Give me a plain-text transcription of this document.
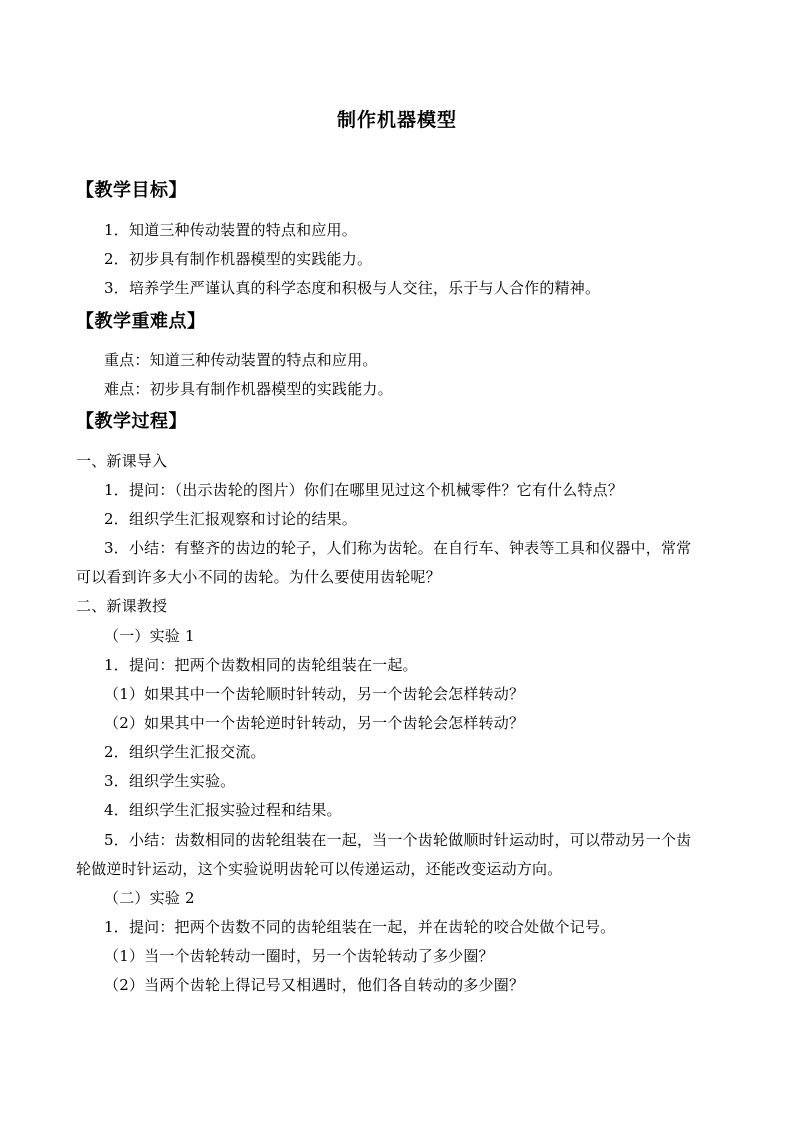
制作机器模型
【教学目标】
1．知道三种传动装置的特点和应用。
2．初步具有制作机器模型的实践能力。
3．培养学生严谨认真的科学态度和积极与人交往，乐于与人合作的精神。
【教学重难点】
重点：知道三种传动装置的特点和应用。
难点：初步具有制作机器模型的实践能力。
【教学过程】
一、新课导入
1．提问：（出示齿轮的图片）你们在哪里见过这个机械零件？它有什么特点？
2．组织学生汇报观察和讨论的结果。
3．小结：有整齐的齿边的轮子，人们称为齿轮。在自行车、钟表等工具和仪器中，常常
可以看到许多大小不同的齿轮。为什么要使用齿轮呢？
二、新课教授
（一）实验 1
1．提问：把两个齿数相同的齿轮组装在一起。
（1）如果其中一个齿轮顺时针转动，另一个齿轮会怎样转动？
（2）如果其中一个齿轮逆时针转动，另一个齿轮会怎样转动？
2．组织学生汇报交流。
3．组织学生实验。
4．组织学生汇报实验过程和结果。
5．小结：齿数相同的齿轮组装在一起，当一个齿轮做顺时针运动时，可以带动另一个齿
轮做逆时针运动，这个实验说明齿轮可以传递运动，还能改变运动方向。
（二）实验 2
1．提问：把两个齿数不同的齿轮组装在一起，并在齿轮的咬合处做个记号。
（1）当一个齿轮转动一圈时，另一个齿轮转动了多少圈？
（2）当两个齿轮上得记号又相遇时，他们各自转动的多少圈？
